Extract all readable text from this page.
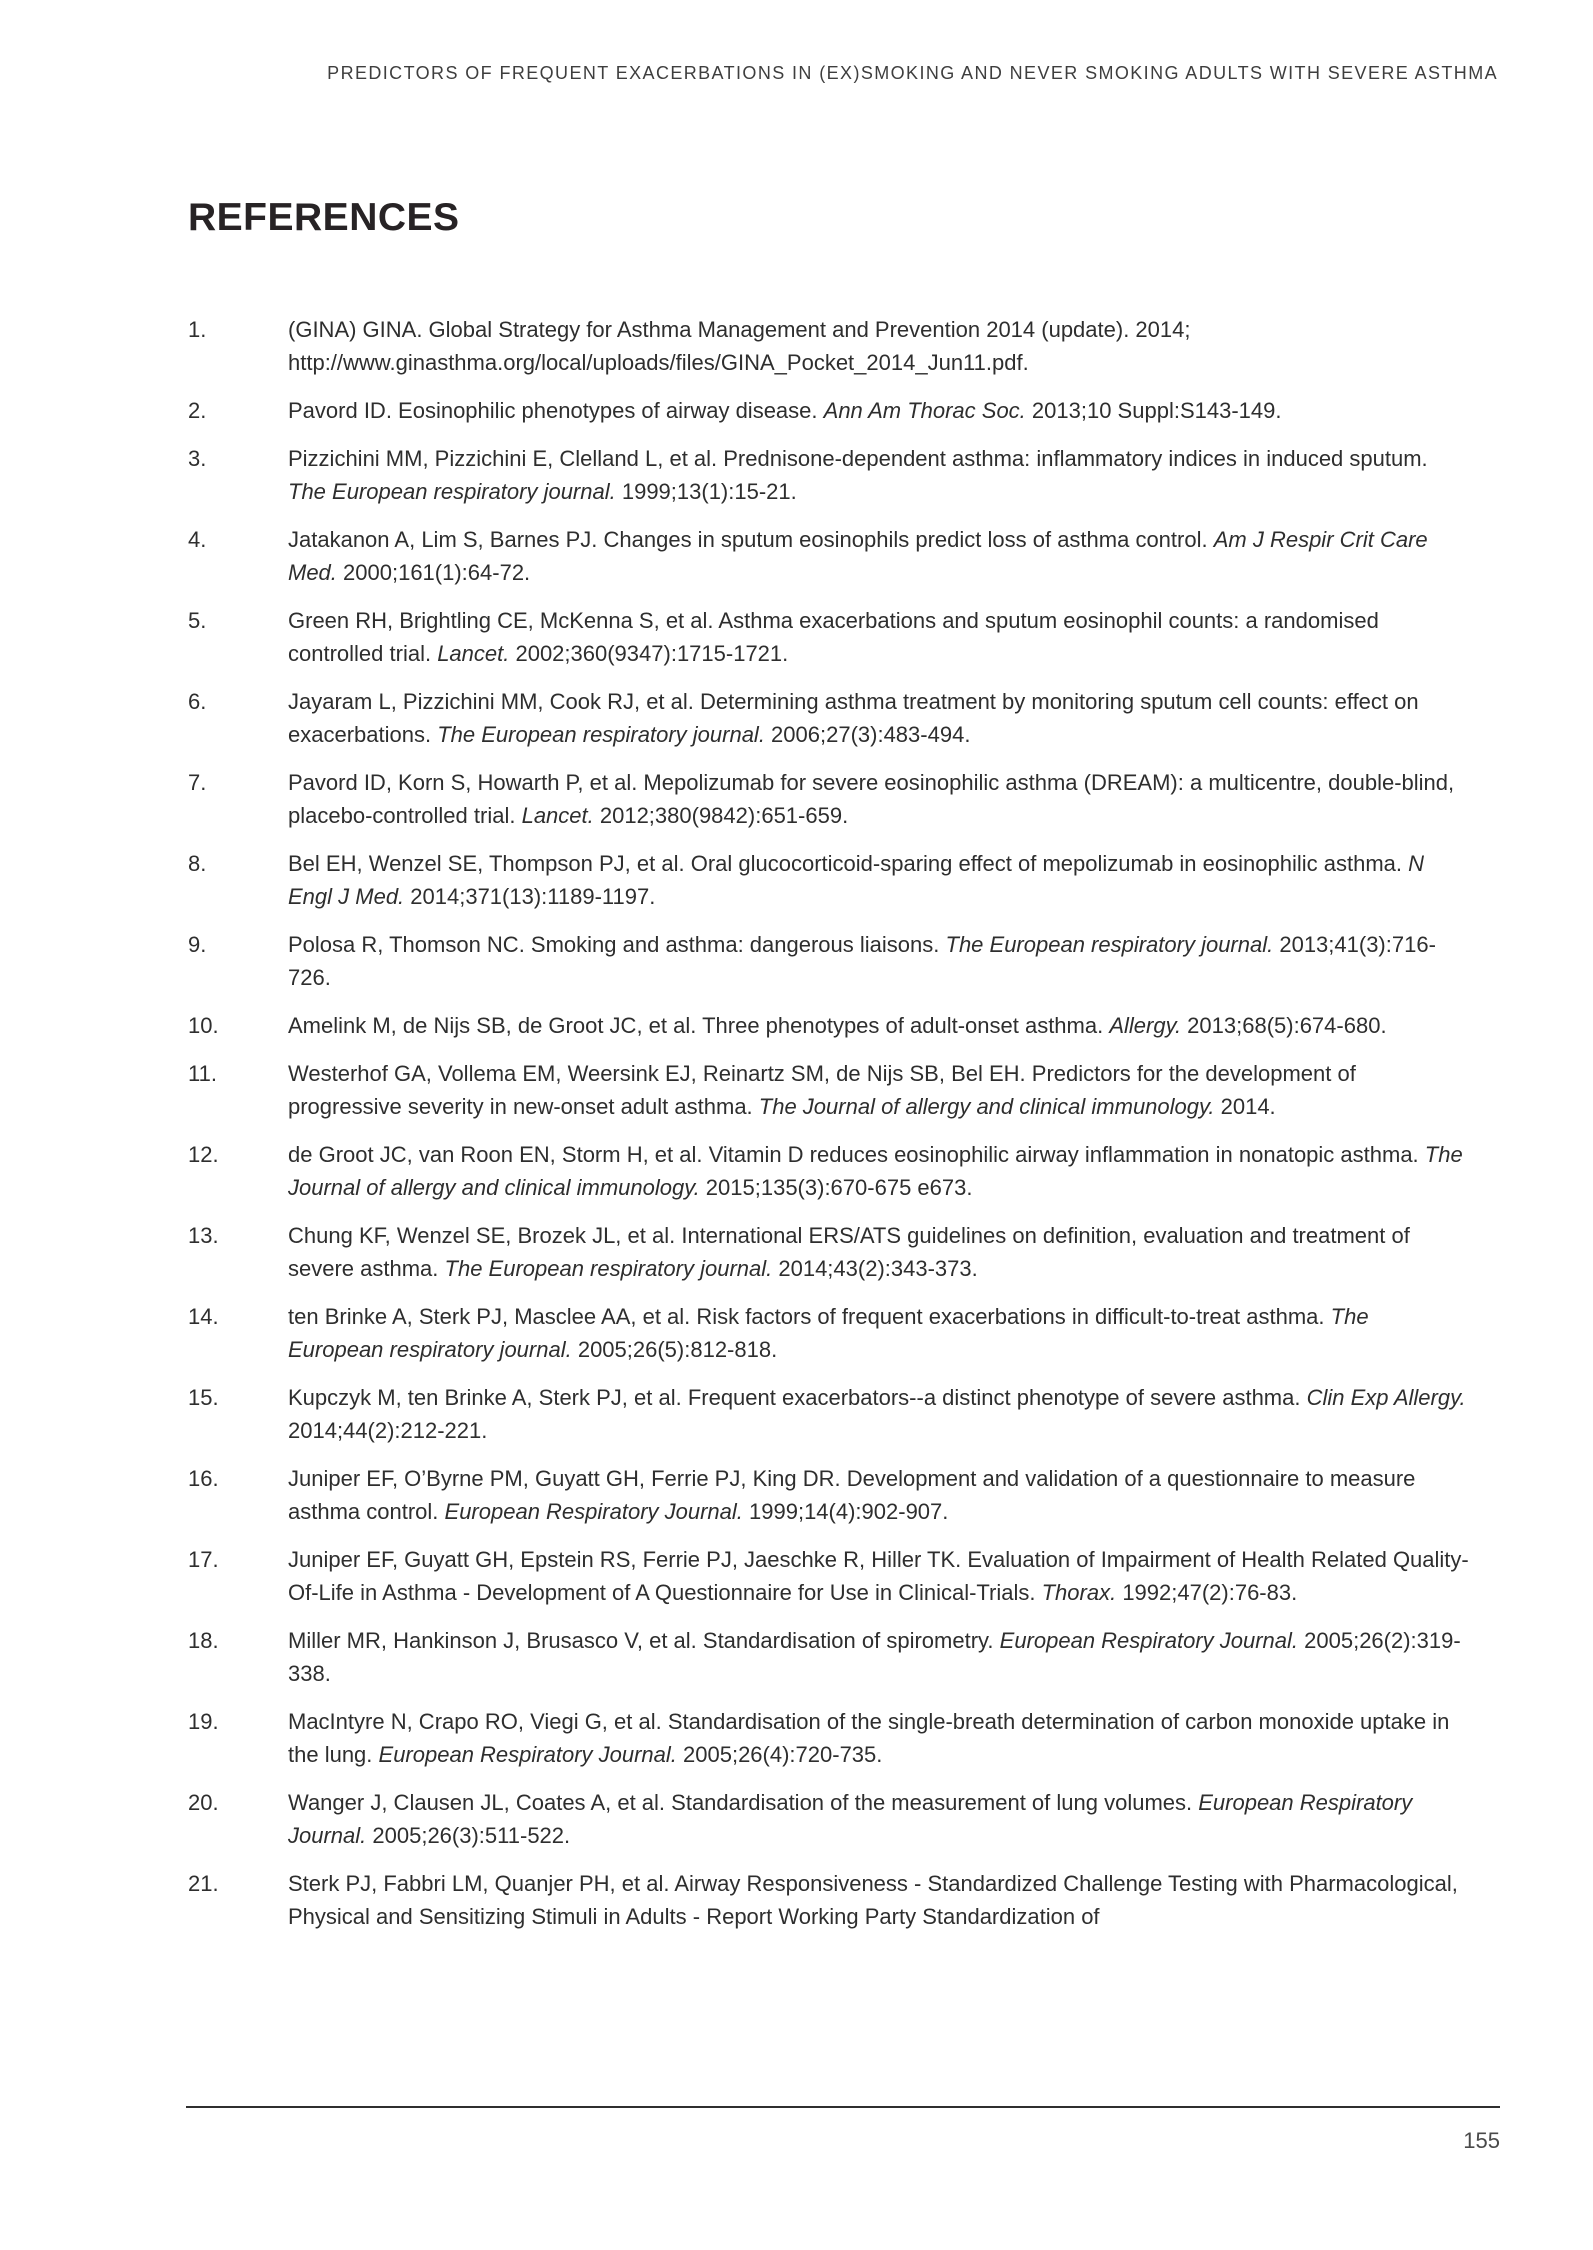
PREDICTORS OF FREQUENT EXACERBATIONS IN (EX)SMOKING AND NEVER SMOKING ADULTS WITH SEVERE ASTHMA
REFERENCES
1.	(GINA) GINA. Global Strategy for Asthma Management and Prevention 2014 (update). 2014; http://www.ginasthma.org/local/uploads/files/GINA_Pocket_2014_Jun11.pdf.
2.	Pavord ID. Eosinophilic phenotypes of airway disease. Ann Am Thorac Soc. 2013;10 Suppl:S143-149.
3.	Pizzichini MM, Pizzichini E, Clelland L, et al. Prednisone-dependent asthma: inflammatory indices in induced sputum. The European respiratory journal. 1999;13(1):15-21.
4.	Jatakanon A, Lim S, Barnes PJ. Changes in sputum eosinophils predict loss of asthma control. Am J Respir Crit Care Med. 2000;161(1):64-72.
5.	Green RH, Brightling CE, McKenna S, et al. Asthma exacerbations and sputum eosinophil counts: a randomised controlled trial. Lancet. 2002;360(9347):1715-1721.
6.	Jayaram L, Pizzichini MM, Cook RJ, et al. Determining asthma treatment by monitoring sputum cell counts: effect on exacerbations. The European respiratory journal. 2006;27(3):483-494.
7.	Pavord ID, Korn S, Howarth P, et al. Mepolizumab for severe eosinophilic asthma (DREAM): a multicentre, double-blind, placebo-controlled trial. Lancet. 2012;380(9842):651-659.
8.	Bel EH, Wenzel SE, Thompson PJ, et al. Oral glucocorticoid-sparing effect of mepolizumab in eosinophilic asthma. N Engl J Med. 2014;371(13):1189-1197.
9.	Polosa R, Thomson NC. Smoking and asthma: dangerous liaisons. The European respiratory journal. 2013;41(3):716-726.
10.	Amelink M, de Nijs SB, de Groot JC, et al. Three phenotypes of adult-onset asthma. Allergy. 2013;68(5):674-680.
11.	Westerhof GA, Vollema EM, Weersink EJ, Reinartz SM, de Nijs SB, Bel EH. Predictors for the development of progressive severity in new-onset adult asthma. The Journal of allergy and clinical immunology. 2014.
12.	de Groot JC, van Roon EN, Storm H, et al. Vitamin D reduces eosinophilic airway inflammation in nonatopic asthma. The Journal of allergy and clinical immunology. 2015;135(3):670-675 e673.
13.	Chung KF, Wenzel SE, Brozek JL, et al. International ERS/ATS guidelines on definition, evaluation and treatment of severe asthma. The European respiratory journal. 2014;43(2):343-373.
14.	ten Brinke A, Sterk PJ, Masclee AA, et al. Risk factors of frequent exacerbations in difficult-to-treat asthma. The European respiratory journal. 2005;26(5):812-818.
15.	Kupczyk M, ten Brinke A, Sterk PJ, et al. Frequent exacerbators--a distinct phenotype of severe asthma. Clin Exp Allergy. 2014;44(2):212-221.
16.	Juniper EF, O’Byrne PM, Guyatt GH, Ferrie PJ, King DR. Development and validation of a questionnaire to measure asthma control. European Respiratory Journal. 1999;14(4):902-907.
17.	Juniper EF, Guyatt GH, Epstein RS, Ferrie PJ, Jaeschke R, Hiller TK. Evaluation of Impairment of Health Related Quality-Of-Life in Asthma - Development of A Questionnaire for Use in Clinical-Trials. Thorax. 1992;47(2):76-83.
18.	Miller MR, Hankinson J, Brusasco V, et al. Standardisation of spirometry. European Respiratory Journal. 2005;26(2):319-338.
19.	MacIntyre N, Crapo RO, Viegi G, et al. Standardisation of the single-breath determination of carbon monoxide uptake in the lung. European Respiratory Journal. 2005;26(4):720-735.
20.	Wanger J, Clausen JL, Coates A, et al. Standardisation of the measurement of lung volumes. European Respiratory Journal. 2005;26(3):511-522.
21.	Sterk PJ, Fabbri LM, Quanjer PH, et al. Airway Responsiveness - Standardized Challenge Testing with Pharmacological, Physical and Sensitizing Stimuli in Adults - Report Working Party Standardization of
155
